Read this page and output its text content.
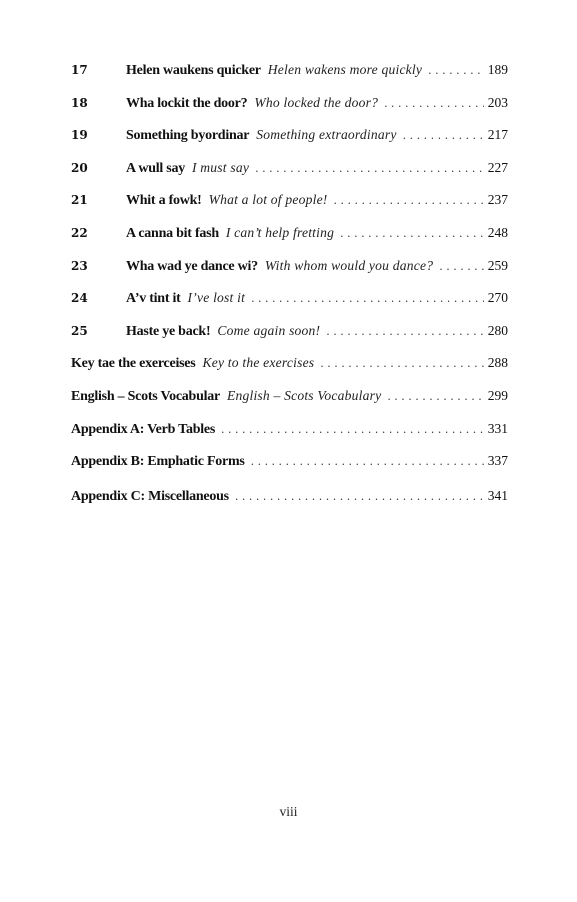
17	Helen waukens quicker Helen wakens more quickly . . .	189
18	Wha lockit the door? Who locked the door? . . .	203
19	Something byordinar Something extraordinary . . .	217
20	A wull say I must say . . .	227
21	Whit a fowk! What a lot of people! . . .	237
22	A canna bit fash I can’t help fretting . . .	248
23	Wha wad ye dance wi? With whom would you dance? . . .	259
24	A’v tint it I’ve lost it . . .	270
25	Haste ye back! Come again soon! . . .	280
Key tae the exerceises Key to the exercises . . .	288
English – Scots Vocabular English – Scots Vocabulary . . .	299
Appendix A: Verb Tables . . .	331
Appendix B: Emphatic Forms . . .	337
Appendix C: Miscellaneous . . .	341
viii
